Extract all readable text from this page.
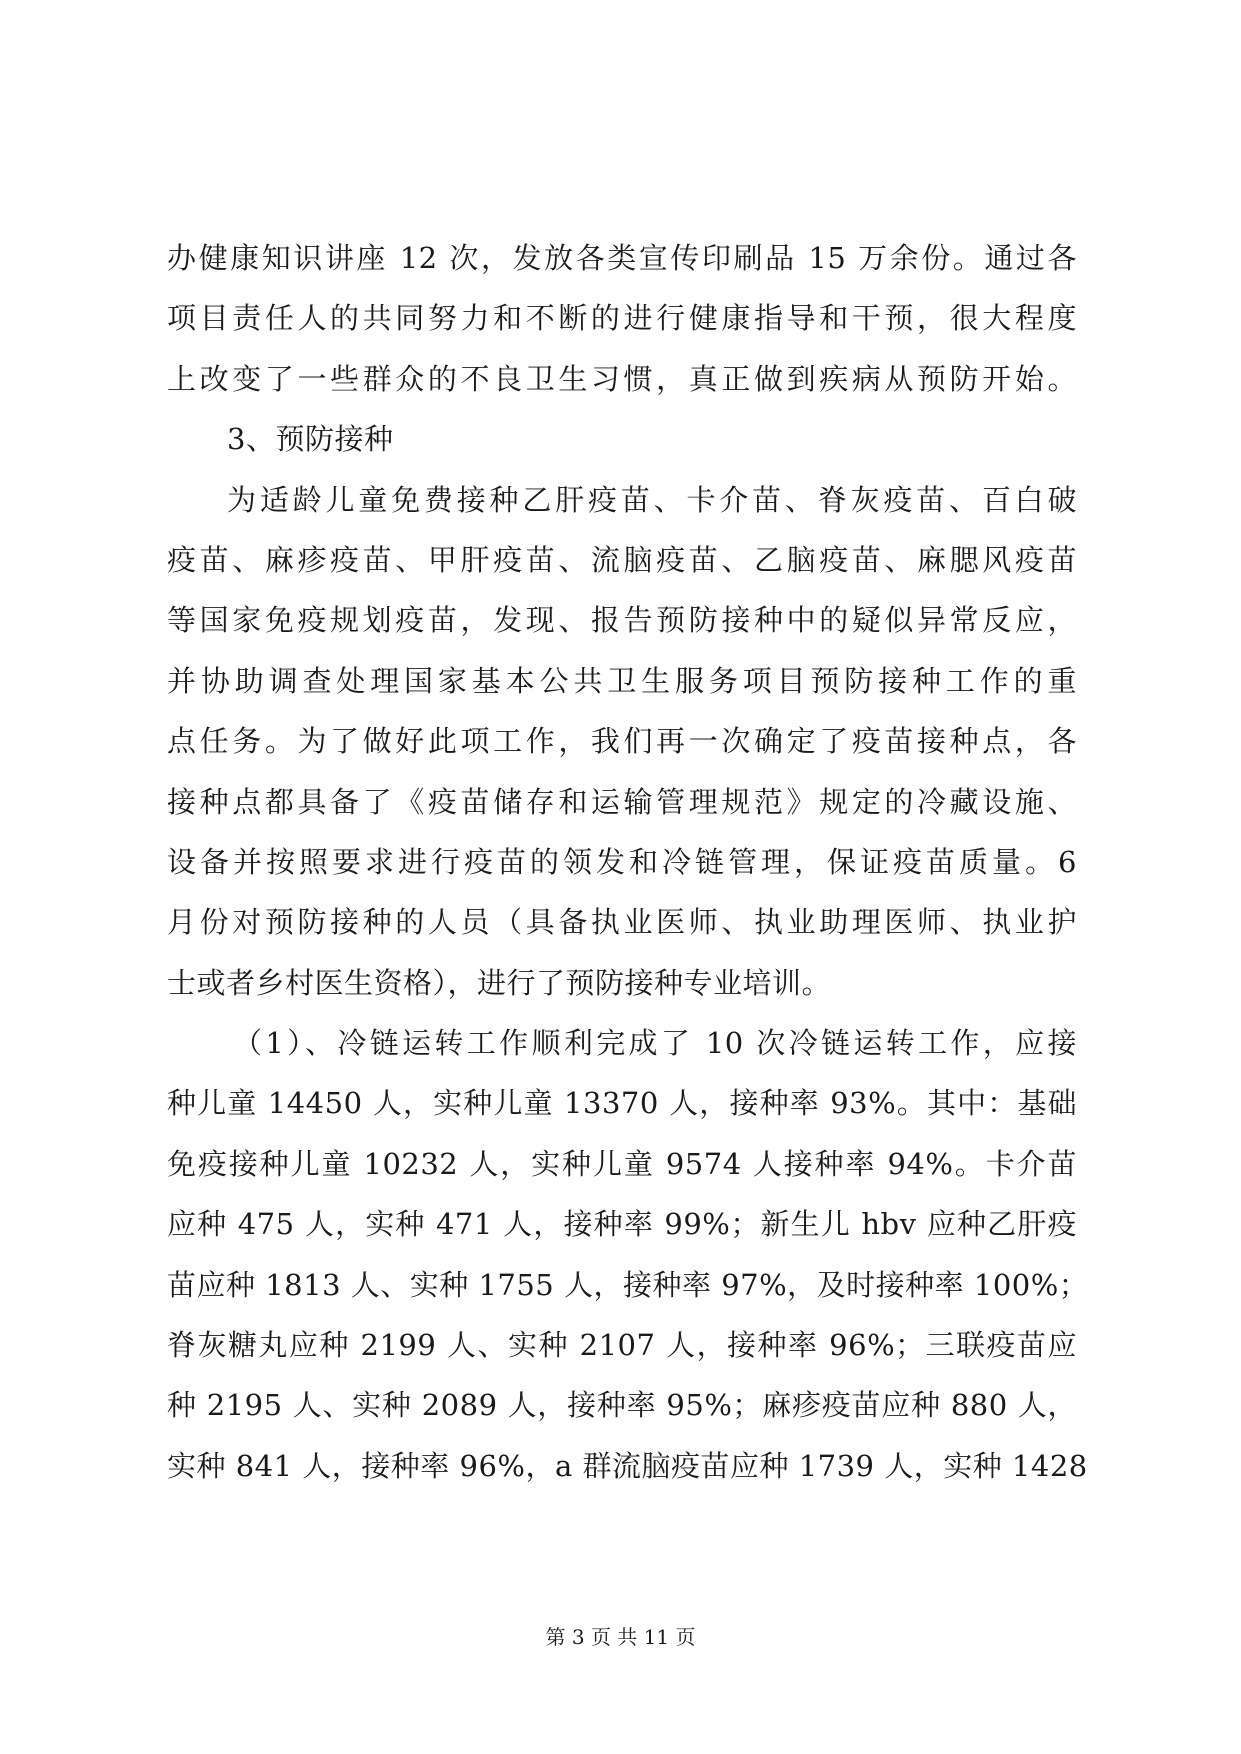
办健康知识讲座 12 次，发放各类宣传印刷品 15 万余份。通过各
项目责任人的共同努力和不断的进行健康指导和干预，很大程度
上改变了一些群众的不良卫生习惯，真正做到疾病从预防开始。
3、预防接种
为适龄儿童免费接种乙肝疫苗、卡介苗、脊灰疫苗、百白破
疫苗、麻疹疫苗、甲肝疫苗、流脑疫苗、乙脑疫苗、麻腮风疫苗
等国家免疫规划疫苗，发现、报告预防接种中的疑似异常反应，
并协助调查处理国家基本公共卫生服务项目预防接种工作的重
点任务。为了做好此项工作，我们再一次确定了疫苗接种点，各
接种点都具备了《疫苗储存和运输管理规范》规定的冷藏设施、
设备并按照要求进行疫苗的领发和冷链管理，保证疫苗质量。6
月份对预防接种的人员（具备执业医师、执业助理医师、执业护
士或者乡村医生资格），进行了预防接种专业培训。
（1）、冷链运转工作顺利完成了 10 次冷链运转工作，应接
种儿童 14450 人，实种儿童 13370 人，接种率 93%。其中：基础
免疫接种儿童 10232 人，实种儿童 9574 人接种率 94%。卡介苗
应种 475 人，实种 471 人，接种率 99%；新生儿 hbv 应种乙肝疫
苗应种 1813 人、实种 1755 人，接种率 97%，及时接种率 100%；
脊灰糖丸应种 2199 人、实种 2107 人，接种率 96%；三联疫苗应
种 2195 人、实种 2089 人，接种率 95%；麻疹疫苗应种 880 人，
实种 841 人，接种率 96%，a 群流脑疫苗应种 1739 人，实种 1428
第 3 页 共 11 页
